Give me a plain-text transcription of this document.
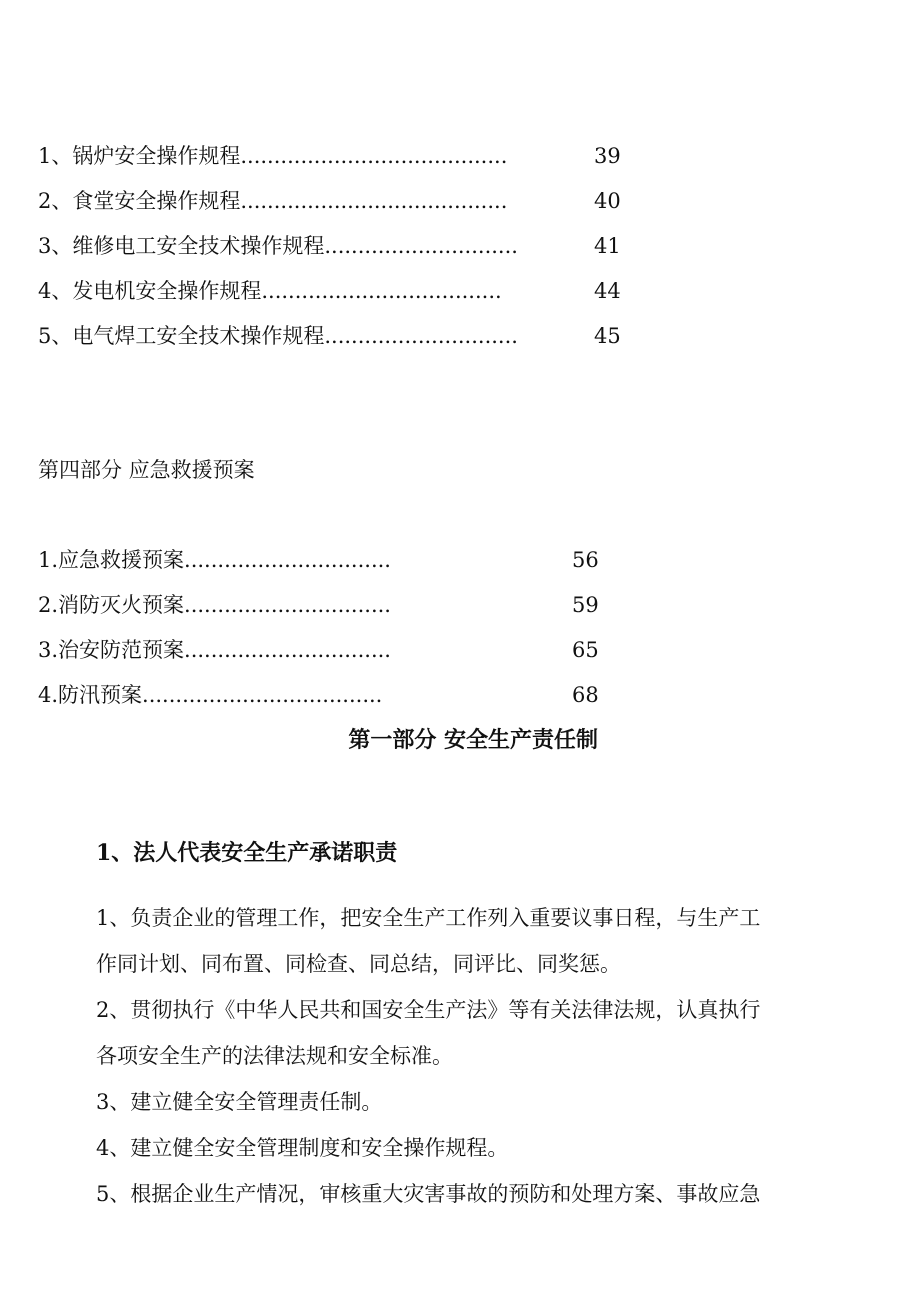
1、锅炉安全操作规程........................................
2、食堂安全操作规程........................................
3、维修电工安全技术操作规程.............................
4、发电机安全操作规程....................................
5、电气焊工安全技术操作规程.............................
39
40
41
44
45
第四部分 应急救援预案
1.应急救援预案...............................
2.消防灭火预案...............................
3.治安防范预案...............................
4.防汛预案....................................
56
59
65
68
第一部分 安全生产责任制
1、法人代表安全生产承诺职责
1、负责企业的管理工作，把安全生产工作列入重要议事日程，与生产工
作同计划、同布置、同检查、同总结，同评比、同奖惩。
2、贯彻执行《中华人民共和国安全生产法》等有关法律法规，认真执行
各项安全生产的法律法规和安全标准。
3、建立健全安全管理责任制。
4、建立健全安全管理制度和安全操作规程。
5、根据企业生产情况，审核重大灾害事故的预防和处理方案、事故应急
